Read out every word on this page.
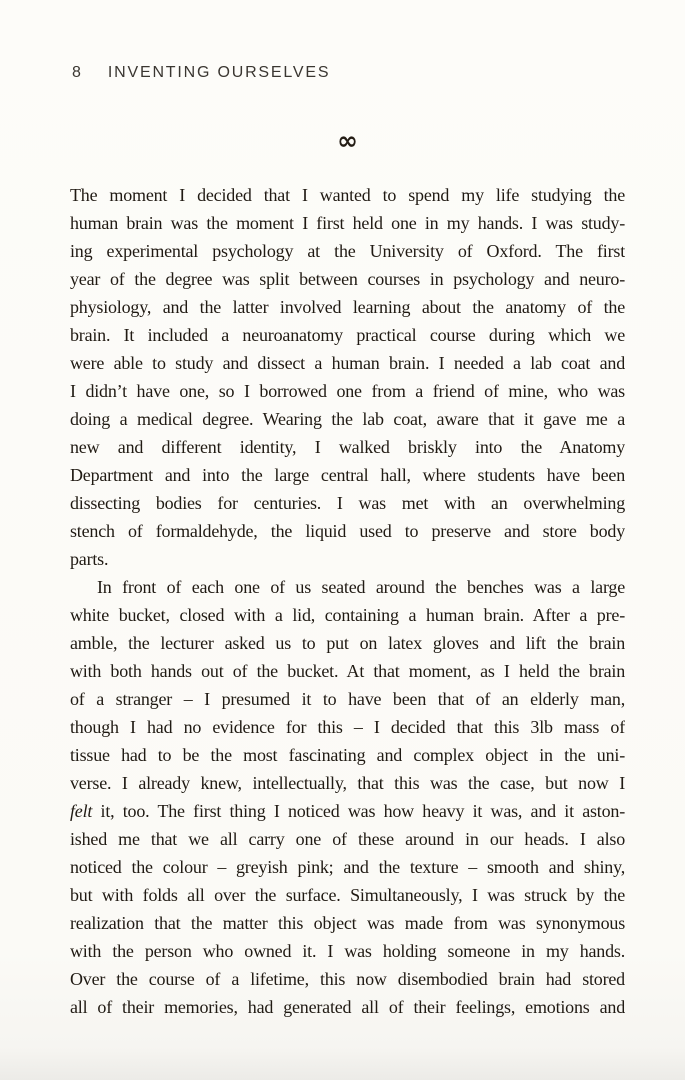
8 INVENTING OURSELVES
∞
The moment I decided that I wanted to spend my life studying the
human brain was the moment I first held one in my hands. I was study-
ing experimental psychology at the University of Oxford. The first
year of the degree was split between courses in psychology and neuro-
physiology, and the latter involved learning about the anatomy of the
brain. It included a neuroanatomy practical course during which we
were able to study and dissect a human brain. I needed a lab coat and
I didn’t have one, so I borrowed one from a friend of mine, who was
doing a medical degree. Wearing the lab coat, aware that it gave me a
new and different identity, I walked briskly into the Anatomy
Department and into the large central hall, where students have been
dissecting bodies for centuries. I was met with an overwhelming
stench of formaldehyde, the liquid used to preserve and store body
parts.
In front of each one of us seated around the benches was a large
white bucket, closed with a lid, containing a human brain. After a pre-
amble, the lecturer asked us to put on latex gloves and lift the brain
with both hands out of the bucket. At that moment, as I held the brain
of a stranger – I presumed it to have been that of an elderly man,
though I had no evidence for this – I decided that this 3lb mass of
tissue had to be the most fascinating and complex object in the uni-
verse. I already knew, intellectually, that this was the case, but now I
felt it, too. The first thing I noticed was how heavy it was, and it aston-
ished me that we all carry one of these around in our heads. I also
noticed the colour – greyish pink; and the texture – smooth and shiny,
but with folds all over the surface. Simultaneously, I was struck by the
realization that the matter this object was made from was synonymous
with the person who owned it. I was holding someone in my hands.
Over the course of a lifetime, this now disembodied brain had stored
all of their memories, had generated all of their feelings, emotions and
